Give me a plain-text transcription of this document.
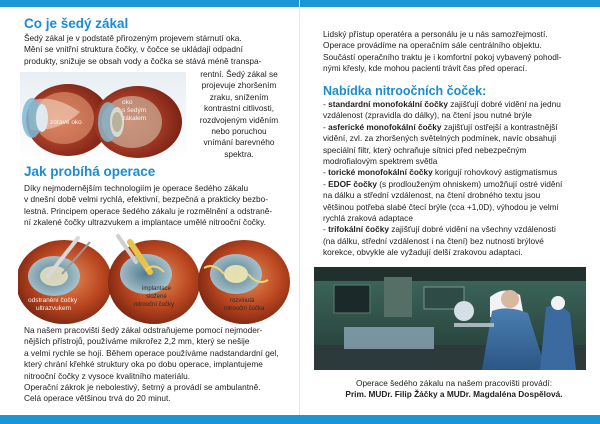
Co je šedý zákal
Šedý zákal je v podstatě přirozeným projevem stárnutí oka.
Mění se vnitřní struktura čočky, v čočce se ukládají odpadní
produkty, snižuje se obsah vody a čočka se stává méně transpa-
rentní. Šedý zákal se
projevuje zhoršením
zraku, snížením
kontrastní citlivosti,
rozdvojeným viděním
nebo poruchou
vnímání barevného
spektra.
zdravé oko
oko
s šedým
zákalem
Jak probíhá operace
Díky nejmodernějším technologiím je operace šedého zákalu
v dnešní době velmi rychlá, efektivní, bezpečná a prakticky bezbo-
lestná. Principem operace šedého zákalu je rozmělnění a odstraně-
ní zkalené čočky ultrazvukem a implantace umělé nitrooční čočky.
odstranění čočky
ultrazvukem
implantace
složené
nitrooční čočky
rozvinutá
nitrooční čočka
Na našem pracovišti šedý zákal odstraňujeme pomocí nejmoder-
nějších přístrojů, používáme mikrořez 2,2 mm, který se nešije
a velmi rychle se hojí. Během operace používáme nadstandardní gel,
který chrání křehké struktury oka po dobu operace, implantujeme
nitrooční čočky z vysoce kvalitního materiálu.
Operační zákrok je nebolestivý, šetrný a provádí se ambulantně.
Celá operace většinou trvá do 20 minut.
Lidský přístup operatéra a personálu je u nás samozřejmostí.
Operace provádíme na operačním sále centrálního objektu.
Součástí operačního traktu je i komfortní pokoj vybavený pohodl-
nými křesly, kde mohou pacienti trávit čas před operací.
Nabídka nitroočních čoček:

- standardní monofokální čočky zajišťují dobré vidění na jednu
vzdálenost (zpravidla do dálky), na čtení jsou nutné brýle

- asferické monofokální čočky zajišťují ostřejší a kontrastnější
vidění, zvl. za zhoršených světelných podmínek, navíc obsahují
speciální filtr, který ochraňuje sítnici před nebezpečným
modrofialovým spektrem světla

- torické monofokální čočky korigují rohovkový astigmatismus

- EDOF čočky (s prodlouženým ohniskem) umožňují ostré vidění
na dálku a střední vzdálenost, na čtení drobného textu jsou
většinou potřeba slabé čtecí brýle (cca +1,0D), výhodou je velmi
rychlá zraková adaptace

- trifokální čočky zajišťují dobré vidění na všechny vzdálenosti
(na dálku, střední vzdálenost i na čtení) bez nutnosti brýlové
korekce, obvykle ale vyžadují delší zrakovou adaptaci.

Operace šedého zákalu na našem pracovišti provádí:
Prim. MUDr. Filip Žáčky a MUDr. Magdaléna Dospělová.
